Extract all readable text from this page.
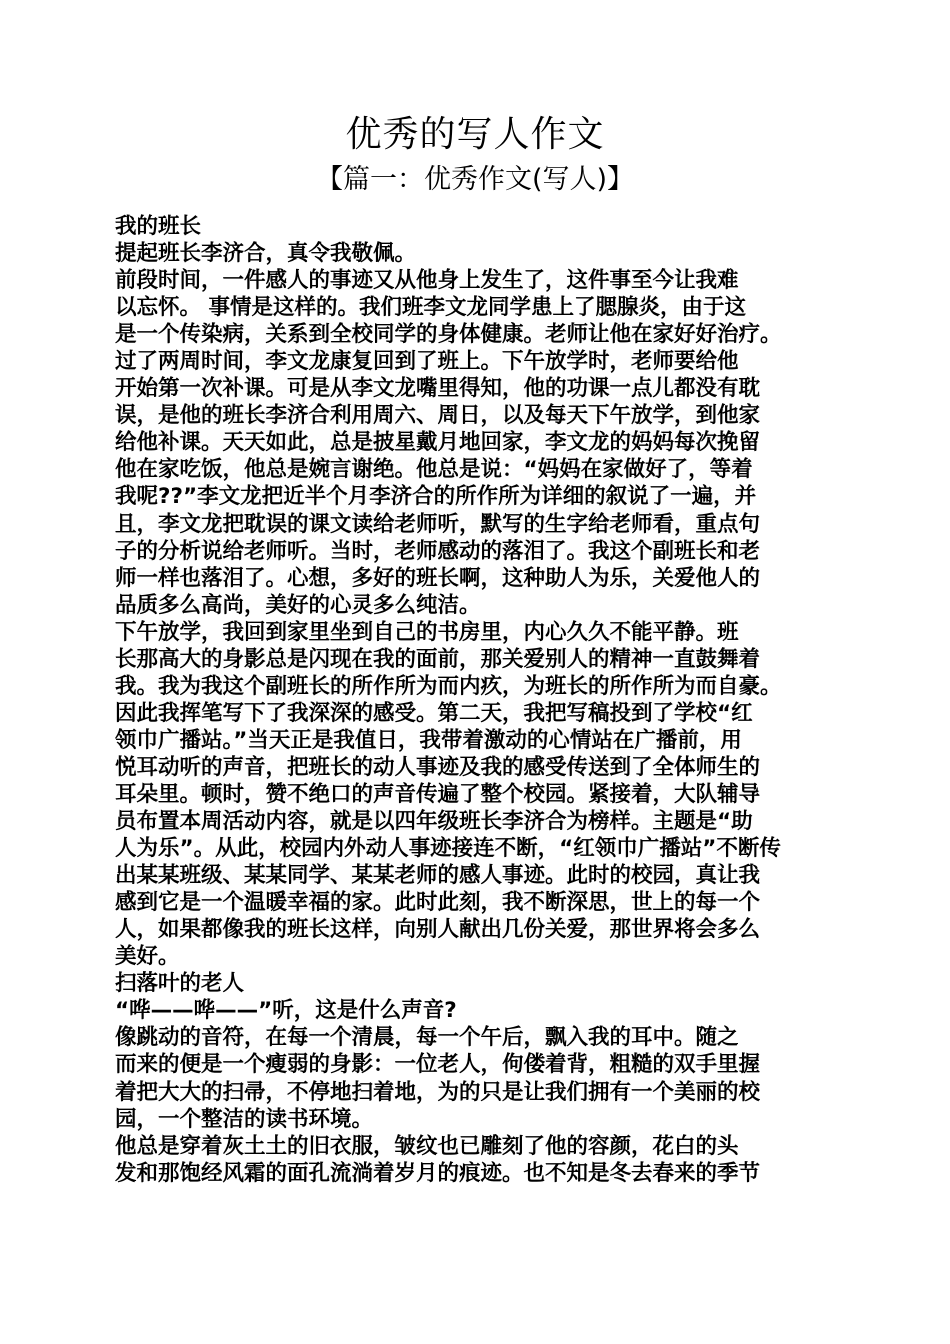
优秀的写人作文
【篇一：优秀作文(写人)】
我的班长
提起班长李济合，真令我敬佩。
前段时间，一件感人的事迹又从他身上发生了，这件事至今让我难
以忘怀。 事情是这样的。我们班李文龙同学患上了腮腺炎，由于这
是一个传染病，关系到全校同学的身体健康。老师让他在家好好治疗。
过了两周时间，李文龙康复回到了班上。下午放学时，老师要给他
开始第一次补课。可是从李文龙嘴里得知，他的功课一点儿都没有耽
误，是他的班长李济合利用周六、周日，以及每天下午放学，到他家
给他补课。天天如此，总是披星戴月地回家，李文龙的妈妈每次挽留
他在家吃饭，他总是婉言谢绝。他总是说：“妈妈在家做好了，等着
我呢??”李文龙把近半个月李济合的所作所为详细的叙说了一遍，并
且，李文龙把耽误的课文读给老师听，默写的生字给老师看，重点句
子的分析说给老师听。当时，老师感动的落泪了。我这个副班长和老
师一样也落泪了。心想，多好的班长啊，这种助人为乐，关爱他人的
品质多么高尚，美好的心灵多么纯洁。
下午放学，我回到家里坐到自己的书房里，内心久久不能平静。班
长那高大的身影总是闪现在我的面前，那关爱别人的精神一直鼓舞着
我。我为我这个副班长的所作所为而内疚，为班长的所作所为而自豪。
因此我挥笔写下了我深深的感受。第二天，我把写稿投到了学校“红
领巾广播站。”当天正是我值日，我带着激动的心情站在广播前，用
悦耳动听的声音，把班长的动人事迹及我的感受传送到了全体师生的
耳朵里。顿时，赞不绝口的声音传遍了整个校园。紧接着，大队辅导
员布置本周活动内容，就是以四年级班长李济合为榜样。主题是“助
人为乐”。从此，校园内外动人事迹接连不断，“红领巾广播站”不断传
出某某班级、某某同学、某某老师的感人事迹。此时的校园，真让我
感到它是一个温暖幸福的家。此时此刻，我不断深思，世上的每一个
人，如果都像我的班长这样，向别人献出几份关爱，那世界将会多么
美好。
扫落叶的老人
“哗——哗——”听，这是什么声音?
像跳动的音符，在每一个清晨，每一个午后，飘入我的耳中。随之
而来的便是一个瘦弱的身影：一位老人，佝偻着背，粗糙的双手里握
着把大大的扫帚，不停地扫着地，为的只是让我们拥有一个美丽的校
园，一个整洁的读书环境。
他总是穿着灰土土的旧衣服，皱纹也已雕刻了他的容颜，花白的头
发和那饱经风霜的面孔流淌着岁月的痕迹。也不知是冬去春来的季节
